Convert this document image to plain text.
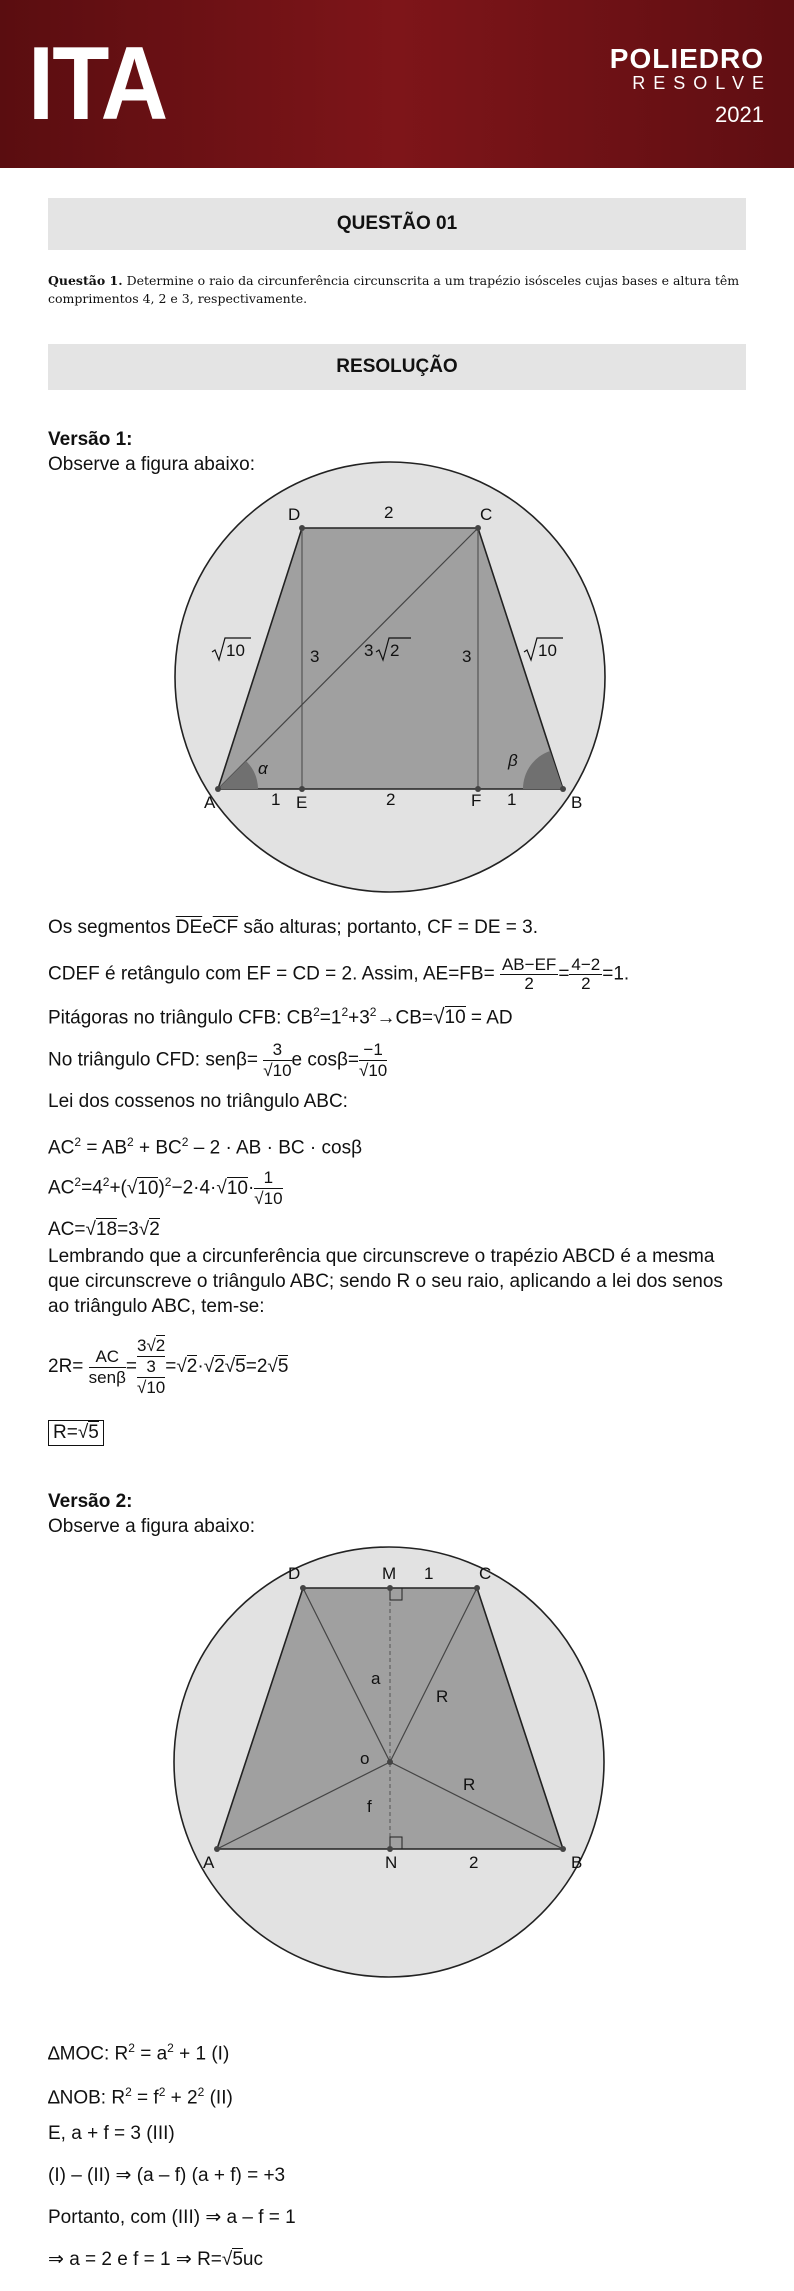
ITA	POLIEDRO
RESOLVE
2021
QUESTÃO 01
Questão 1. Determine o raio da circunferência circunscrita a um trapézio isósceles cujas bases e altura têm comprimentos 4, 2 e 3, respectivamente.
RESOLUÇÃO
Versão 1:
Observe a figura abaixo:
D	C
2
A	B
E	F
1	2	1
3	3
3
α	β
2
10	10
Os segmentos $\overline{DE}e\overline{CF}$ são alturas; portanto, CF = DE = 3.
CDEF é retângulo com EF = CD = 2. Assim, $AE=FB= \frac{AB-EF}{2} = \frac{4-2}{2} =1$.
Pitágoras no triângulo CFB: $CB^2=1^2+3^2\to CB=√10$ = AD
No triângulo CFD: $sen\beta= \frac{3}{√10}$ e $\cos\beta= \frac{-1}{√10}$
Lei dos cossenos no triângulo ABC:
$AC^2 = AB^2 + BC^2 - 2$ · AB · BC · cosβ
$AC^2=4^2+(√10)^2-2\cdot 4\cdot√10\cdot \frac{1}{√10}$
AC=√18=3√2
Lembrando que a circunferência que circunscreve o trapézio ABCD é a mesma
que circunscreve o triângulo ABC; sendo R o seu raio, aplicando a lei dos senos
ao triângulo ABC, tem-se:
2R= AC
senβ = 3√2
3
√10 =√2·√2√5=2√5
R=√5
Versão 2:
Observe a figura abaixo:
D	M 1	C
A	B
N	2
a
o
f
R
R
∆MOC: $R^2 = a^2 + 1$ (I)
∆NOB: $R^2 = f^2 + 2^2$ (II)
E, a + f = 3 (III)
(I) – (II) ⇒ (a – f) (a + f) = +3
Portanto, com (III) ⇒ a – f = 1
⇒ a = 2 e f = 1 ⇒ R=√5uc
